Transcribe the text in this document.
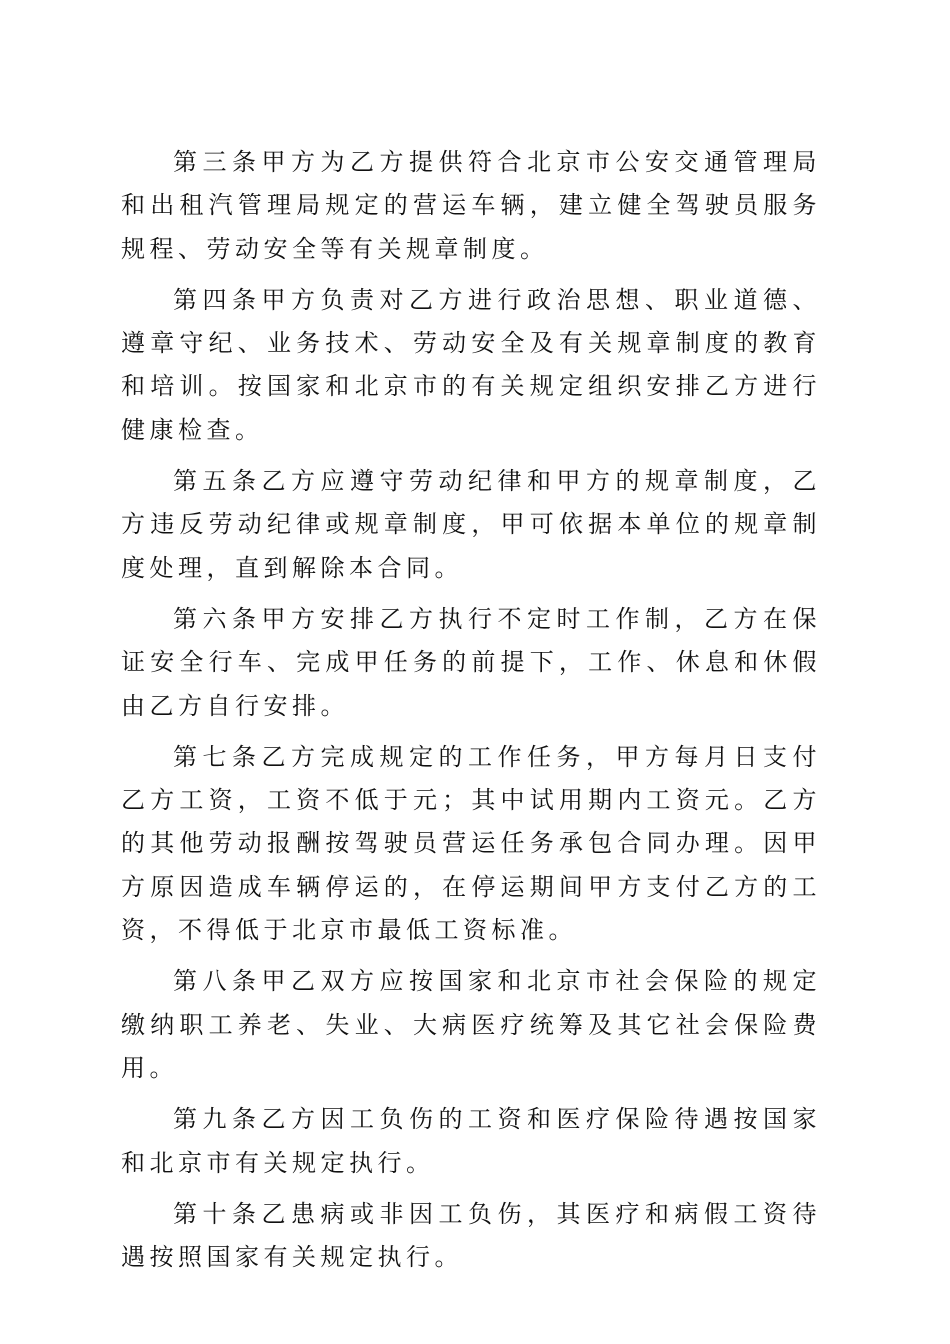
第三条甲方为乙方提供符合北京市公安交通管理局和出租汽管理局规定的营运车辆，建立健全驾驶员服务规程、劳动安全等有关规章制度。

第四条甲方负责对乙方进行政治思想、职业道德、遵章守纪、业务技术、劳动安全及有关规章制度的教育和培训。按国家和北京市的有关规定组织安排乙方进行健康检查。

第五条乙方应遵守劳动纪律和甲方的规章制度，乙方违反劳动纪律或规章制度，甲可依据本单位的规章制度处理，直到解除本合同。

第六条甲方安排乙方执行不定时工作制，乙方在保证安全行车、完成甲任务的前提下，工作、休息和休假由乙方自行安排。

第七条乙方完成规定的工作任务，甲方每月日支付乙方工资，工资不低于元；其中试用期内工资元。乙方的其他劳动报酬按驾驶员营运任务承包合同办理。因甲方原因造成车辆停运的，在停运期间甲方支付乙方的工资，不得低于北京市最低工资标准。

第八条甲乙双方应按国家和北京市社会保险的规定缴纳职工养老、失业、大病医疗统筹及其它社会保险费用。

第九条乙方因工负伤的工资和医疗保险待遇按国家和北京市有关规定执行。

第十条乙患病或非因工负伤，其医疗和病假工资待遇按照国家有关规定执行。
